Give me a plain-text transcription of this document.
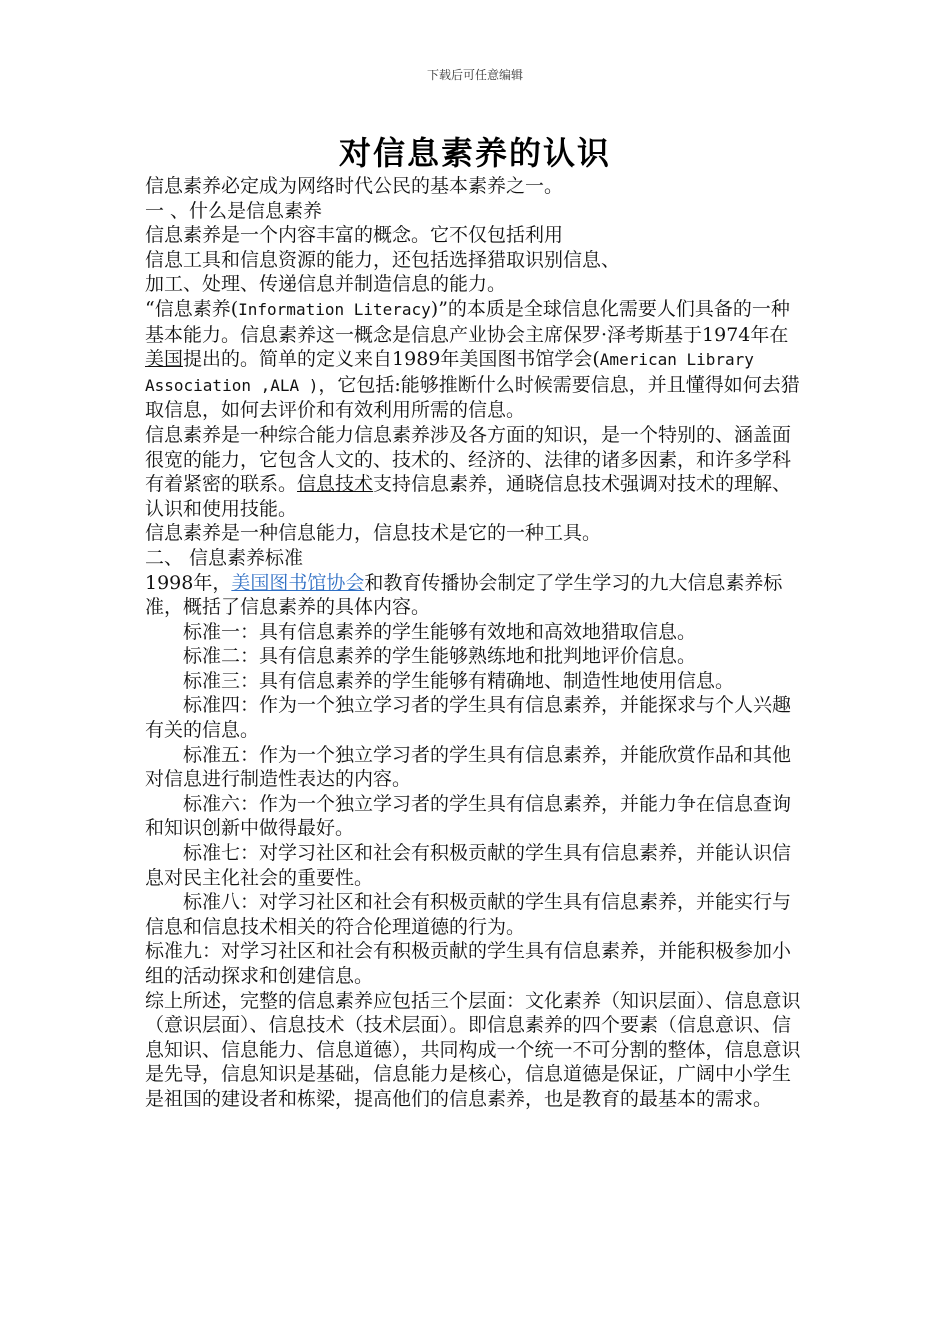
下载后可任意编辑
对信息素养的认识

信息素养必定成为网络时代公民的基本素养之一。

一 、什么是信息素养

信息素养是一个内容丰富的概念。它不仅包括利用

信息工具和信息资源的能力，还包括选择猎取识别信息、

加工、处理、传递信息并制造信息的能力。

“信息素养(Information Literacy)”的本质是全球信息化需要人们具备的一种基本能力。信息素养这一概念是信息产业协会主席保罗·泽考斯基于1974年在美国提出的。简单的定义来自1989年美国图书馆学会(American Library Association ,ALA )，它包括:能够推断什么时候需要信息，并且懂得如何去猎取信息，如何去评价和有效利用所需的信息。

信息素养是一种综合能力信息素养涉及各方面的知识，是一个特别的、涵盖面很宽的能力，它包含人文的、技术的、经济的、法律的诸多因素，和许多学科有着紧密的联系。信息技术支持信息素养，通晓信息技术强调对技术的理解、认识和使用技能。

信息素养是一种信息能力，信息技术是它的一种工具。

二、 信息素养标准

1998年，美国图书馆协会和教育传播协会制定了学生学习的九大信息素养标准，概括了信息素养的具体内容。

标准一：具有信息素养的学生能够有效地和高效地猎取信息。

标准二：具有信息素养的学生能够熟练地和批判地评价信息。

标准三：具有信息素养的学生能够有精确地、制造性地使用信息。

标准四：作为一个独立学习者的学生具有信息素养，并能探求与个人兴趣有关的信息。

标准五：作为一个独立学习者的学生具有信息素养，并能欣赏作品和其他对信息进行制造性表达的内容。

标准六：作为一个独立学习者的学生具有信息素养，并能力争在信息查询和知识创新中做得最好。

标准七：对学习社区和社会有积极贡献的学生具有信息素养，并能认识信息对民主化社会的重要性。

标准八：对学习社区和社会有积极贡献的学生具有信息素养，并能实行与信息和信息技术相关的符合伦理道德的行为。

标准九：对学习社区和社会有积极贡献的学生具有信息素养，并能积极参加小组的活动探求和创建信息。

综上所述，完整的信息素养应包括三个层面：文化素养（知识层面）、信息意识（意识层面）、信息技术（技术层面）。即信息素养的四个要素（信息意识、信息知识、信息能力、信息道德），共同构成一个统一不可分割的整体，信息意识是先导，信息知识是基础，信息能力是核心，信息道德是保证，广阔中小学生是祖国的建设者和栋梁，提高他们的信息素养，也是教育的最基本的需求。
